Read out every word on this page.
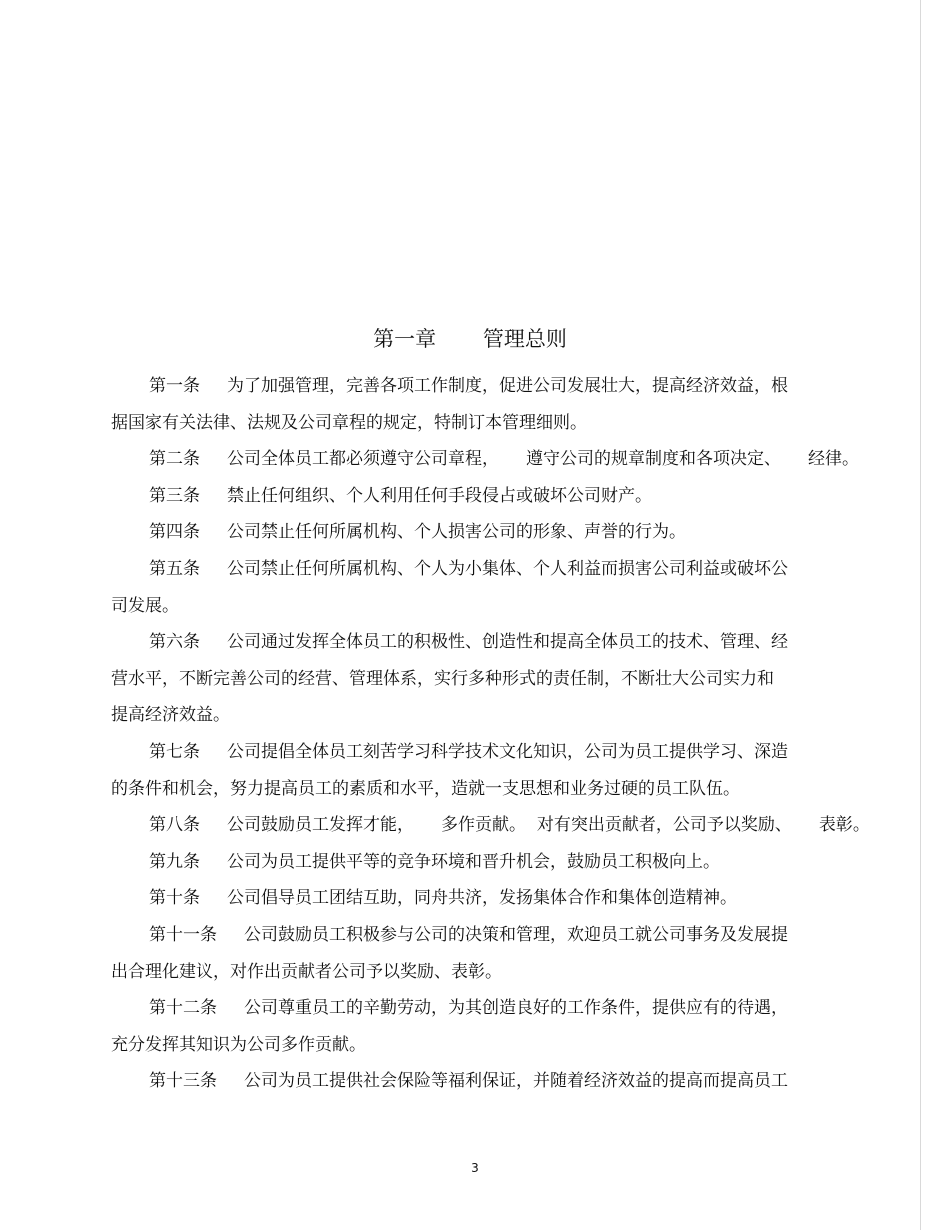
第一章       管理总则
第一条     为了加强管理，完善各项工作制度，促进公司发展壮大，提高经济效益，根
据国家有关法律、法规及公司章程的规定，特制订本管理细则。
第二条     公司全体员工都必须遵守公司章程，     遵守公司的规章制度和各项决定、     经律。
第三条     禁止任何组织、个人利用任何手段侵占或破坏公司财产。
第四条     公司禁止任何所属机构、个人损害公司的形象、声誉的行为。
第五条     公司禁止任何所属机构、个人为小集体、个人利益而损害公司利益或破坏公
司发展。
第六条     公司通过发挥全体员工的积极性、创造性和提高全体员工的技术、管理、经
营水平，不断完善公司的经营、管理体系，实行多种形式的责任制，不断壮大公司实力和
提高经济效益。
第七条     公司提倡全体员工刻苦学习科学技术文化知识，公司为员工提供学习、深造
的条件和机会，努力提高员工的素质和水平，造就一支思想和业务过硬的员工队伍。
第八条     公司鼓励员工发挥才能，     多作贡献。  对有突出贡献者，公司予以奖励、     表彰。
第九条     公司为员工提供平等的竞争环境和晋升机会，鼓励员工积极向上。
第十条     公司倡导员工团结互助，同舟共济，发扬集体合作和集体创造精神。
第十一条     公司鼓励员工积极参与公司的决策和管理，欢迎员工就公司事务及发展提
出合理化建议，对作出贡献者公司予以奖励、表彰。
第十二条     公司尊重员工的辛勤劳动，为其创造良好的工作条件，提供应有的待遇，
充分发挥其知识为公司多作贡献。
第十三条     公司为员工提供社会保险等福利保证，并随着经济效益的提高而提高员工
3
